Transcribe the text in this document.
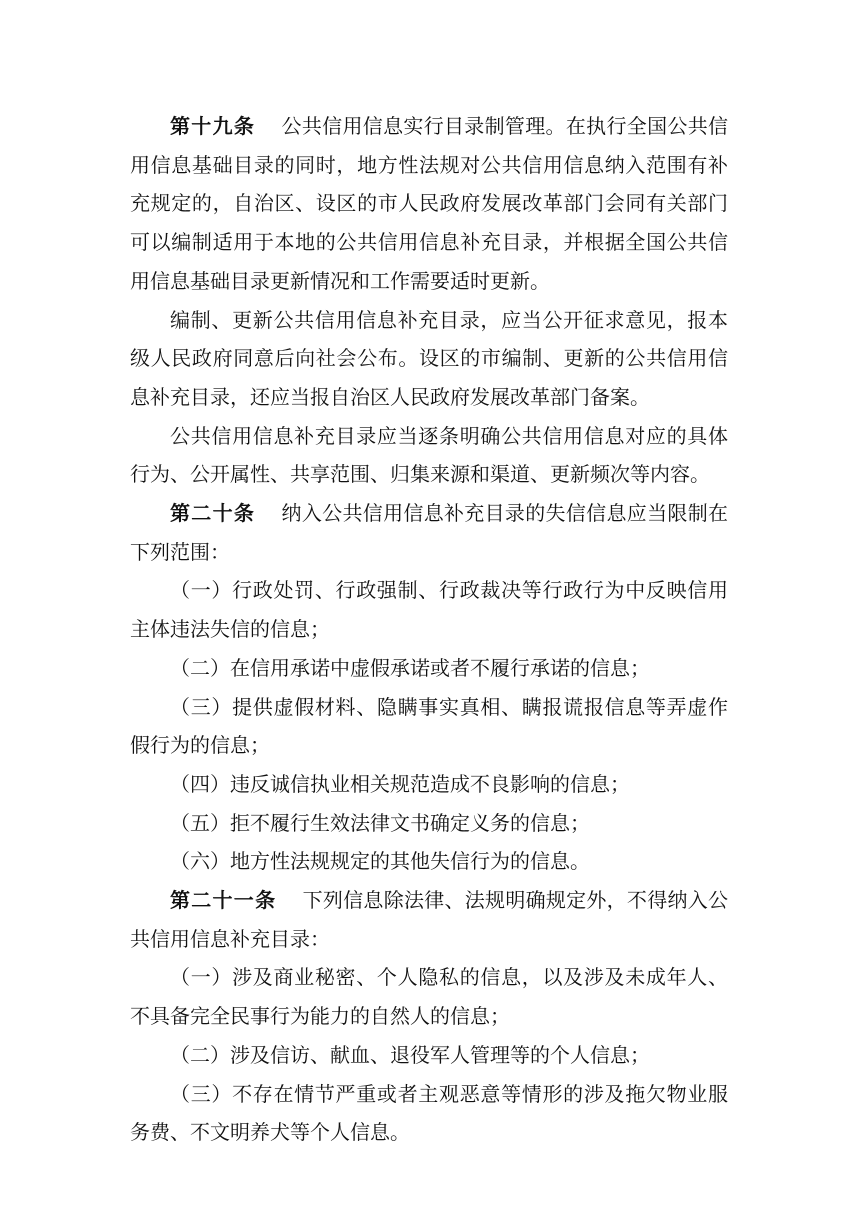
第十九条 公共信用信息实行目录制管理。在执行全国公共信用信息基础目录的同时，地方性法规对公共信用信息纳入范围有补充规定的，自治区、设区的市人民政府发展改革部门会同有关部门可以编制适用于本地的公共信用信息补充目录，并根据全国公共信用信息基础目录更新情况和工作需要适时更新。

编制、更新公共信用信息补充目录，应当公开征求意见，报本级人民政府同意后向社会公布。设区的市编制、更新的公共信用信息补充目录，还应当报自治区人民政府发展改革部门备案。

公共信用信息补充目录应当逐条明确公共信用信息对应的具体行为、公开属性、共享范围、归集来源和渠道、更新频次等内容。

第二十条 纳入公共信用信息补充目录的失信信息应当限制在下列范围：

（一）行政处罚、行政强制、行政裁决等行政行为中反映信用主体违法失信的信息；

（二）在信用承诺中虚假承诺或者不履行承诺的信息；

（三）提供虚假材料、隐瞒事实真相、瞒报谎报信息等弄虚作假行为的信息；

（四）违反诚信执业相关规范造成不良影响的信息；

（五）拒不履行生效法律文书确定义务的信息；

（六）地方性法规规定的其他失信行为的信息。

第二十一条 下列信息除法律、法规明确规定外，不得纳入公共信用信息补充目录：

（一）涉及商业秘密、个人隐私的信息，以及涉及未成年人、不具备完全民事行为能力的自然人的信息；

（二）涉及信访、献血、退役军人管理等的个人信息；

（三）不存在情节严重或者主观恶意等情形的涉及拖欠物业服务费、不文明养犬等个人信息。
